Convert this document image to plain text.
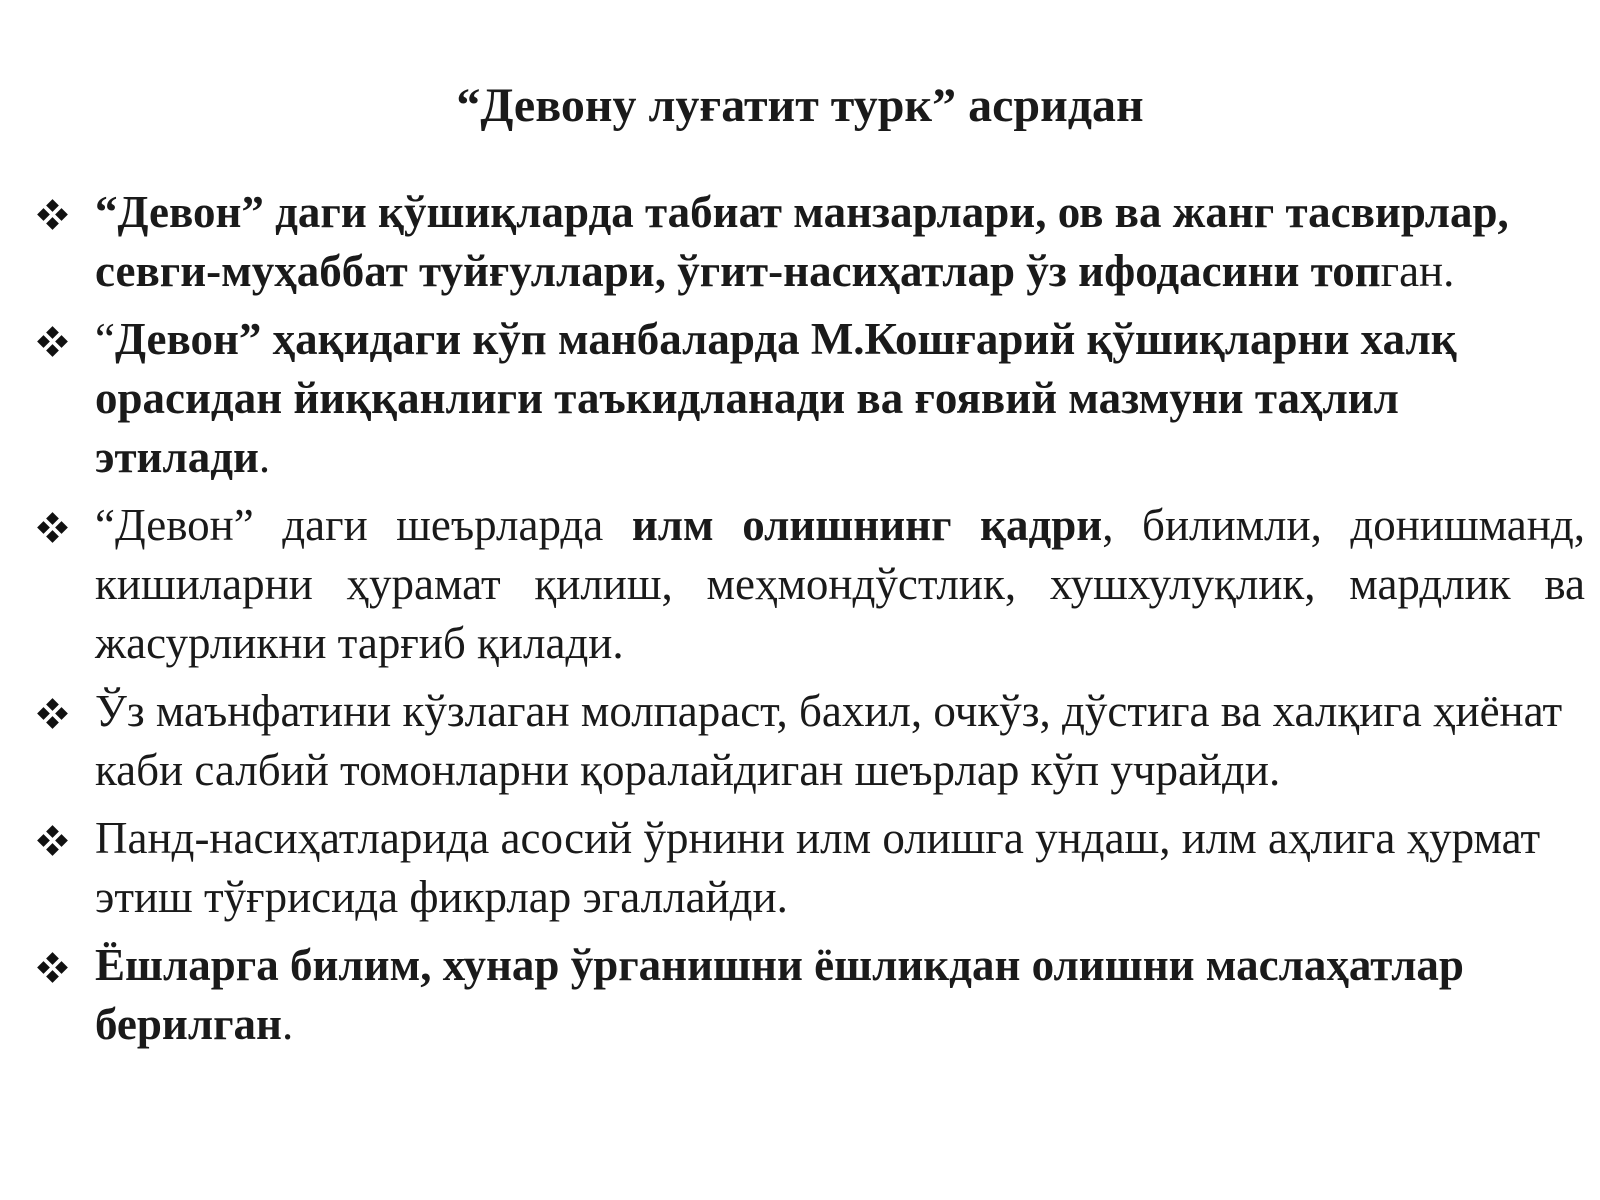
“Девону луғатит турк” асридан
“Девон” даги қўшиқларда табиат манзарлари, ов ва жанг тасвирлар, севги-муҳаббат туйғуллари, ўгит-насиҳатлар ўз ифодасини топган.
“Девон” ҳақидаги кўп манбаларда М.Кошғарий қўшиқларни халқ орасидан йиққанлиги таъкидланади ва ғоявий мазмуни таҳлил этилади.
“Девон” даги шеърларда илм олишнинг қадри, билимли, донишманд, кишиларни ҳурамат қилиш, меҳмондўстлик, хушхулуқлик, мардлик ва жасурликни тарғиб қилади.
Ўз маънфатини кўзлаган молпараст, бахил, очкўз, дўстига ва халқига ҳиёнат каби салбий томонларни қоралайдиган шеърлар кўп учрайди.
Панд-насиҳатларида асосий ўрнини илм олишга ундаш, илм аҳлига ҳурмат этиш тўғрисида фикрлар эгаллайди.
Ёшларга билим, хунар ўрганишни ёшликдан олишни маслаҳатлар берилган.
